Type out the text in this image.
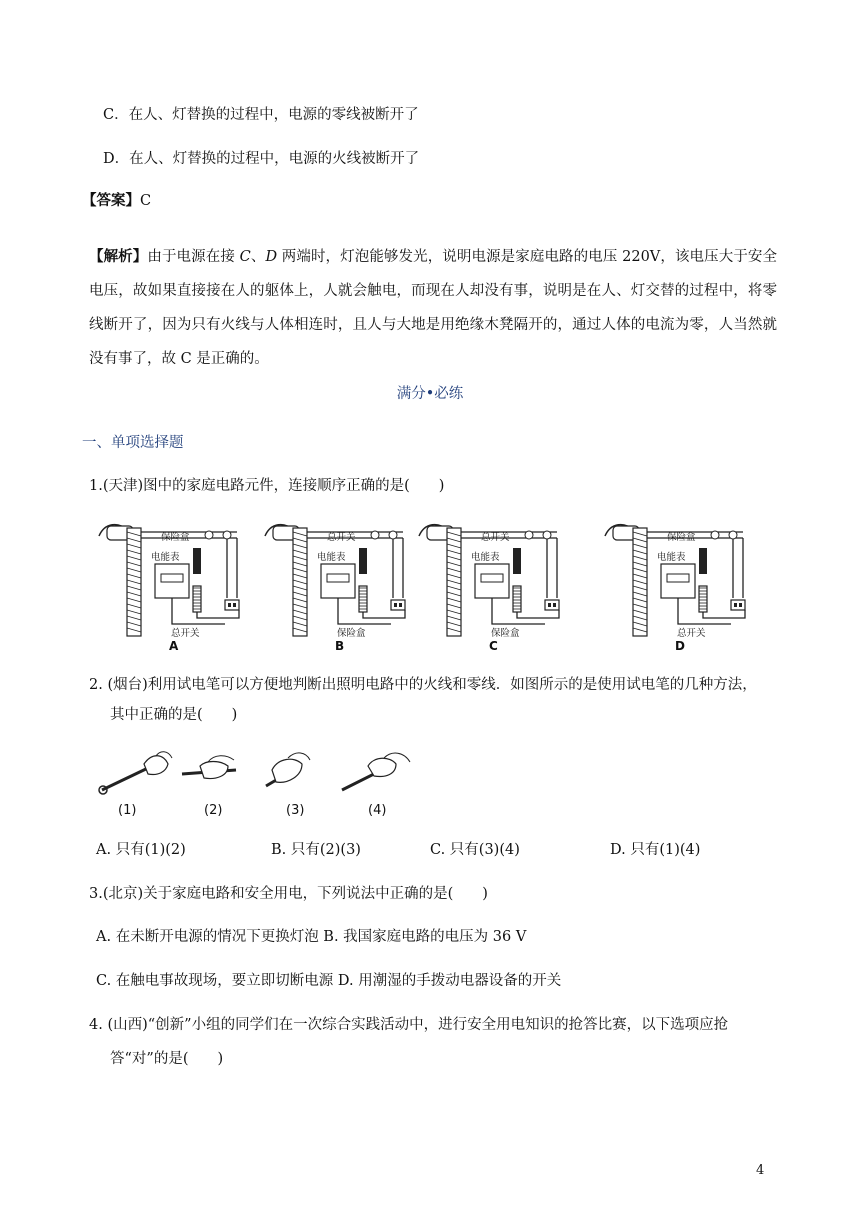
C．在人、灯替换的过程中，电源的零线被断开了
D．在人、灯替换的过程中，电源的火线被断开了
【答案】C
【解析】由于电源在接 C、D 两端时，灯泡能够发光，说明电源是家庭电路的电压 220V，该电压大于安全电压，故如果直接接在人的躯体上，人就会触电，而现在人却没有事，说明是在人、灯交替的过程中，将零线断开了，因为只有火线与人体相连时，且人与大地是用绝缘木凳隔开的，通过人体的电流为零，人当然就没有事了，故 C 是正确的。
满分•必练
一、单项选择题
1.(天津)图中的家庭电路元件，连接顺序正确的是(　　)
保险盒
电能表
总开关
A
总开关
电能表
保险盒
B
总开关
电能表
保险盒
C
保险盒
电能表
总开关
D
2. (烟台)利用试电笔可以方便地判断出照明电路中的火线和零线．如图所示的是使用试电笔的几种方法，
其中正确的是(　　)
(1)	(2)	(3)	(4)
A. 只有(1)(2)	B. 只有(2)(3)	C. 只有(3)(4)	D. 只有(1)(4)
3.(北京)关于家庭电路和安全用电，下列说法中正确的是(　　)
A. 在未断开电源的情况下更换灯泡 B. 我国家庭电路的电压为 36 V
C. 在触电事故现场，要立即切断电源 D. 用潮湿的手拨动电器设备的开关
4. (山西)“创新”小组的同学们在一次综合实践活动中，进行安全用电知识的抢答比赛，以下选项应抢
答“对”的是(　　)
4
